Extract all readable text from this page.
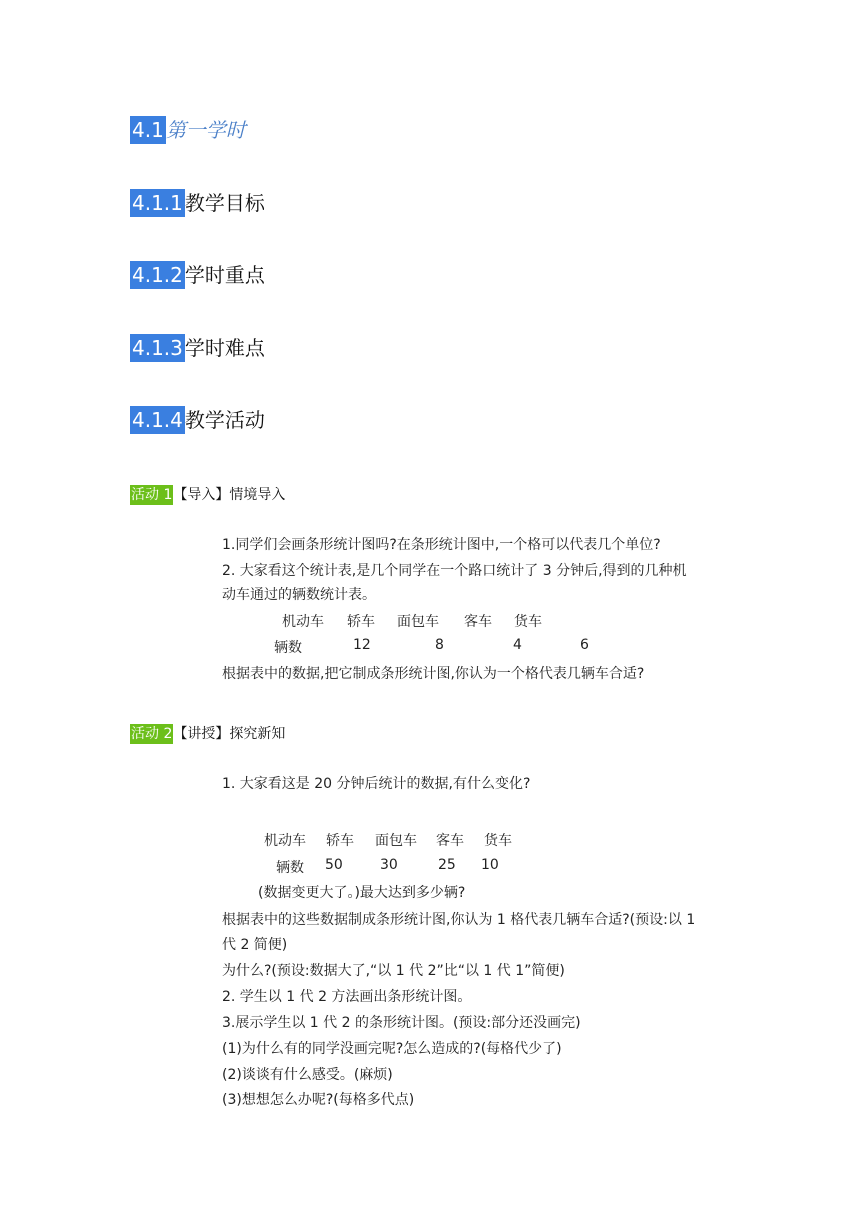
4.1 第一学时
4.1.1 教学目标
4.1.2 学时重点
4.1.3 学时难点
4.1.4 教学活动
活动 1【导入】情境导入
1.同学们会画条形统计图吗?在条形统计图中,一个格可以代表几个单位?
2. 大家看这个统计表,是几个同学在一个路口统计了 3 分钟后,得到的几种机
动车通过的辆数统计表。
机动车 轿车 面包车 客车 货车
辆数	12	8	4	6
根据表中的数据,把它制成条形统计图,你认为一个格代表几辆车合适?
活动 2【讲授】探究新知
1. 大家看这是 20 分钟后统计的数据,有什么变化?
机动车 轿车 面包车 客车 货车
辆数 50	30	25 10
(数据变更大了。)最大达到多少辆?
根据表中的这些数据制成条形统计图,你认为 1 格代表几辆车合适?(预设:以 1
代 2 简便)
为什么?(预设:数据大了,“以 1 代 2”比“以 1 代 1”简便)
2. 学生以 1 代 2 方法画出条形统计图。
3.展示学生以 1 代 2 的条形统计图。(预设:部分还没画完)
(1)为什么有的同学没画完呢?怎么造成的?(每格代少了)
(2)谈谈有什么感受。(麻烦)
(3)想想怎么办呢?(每格多代点)
